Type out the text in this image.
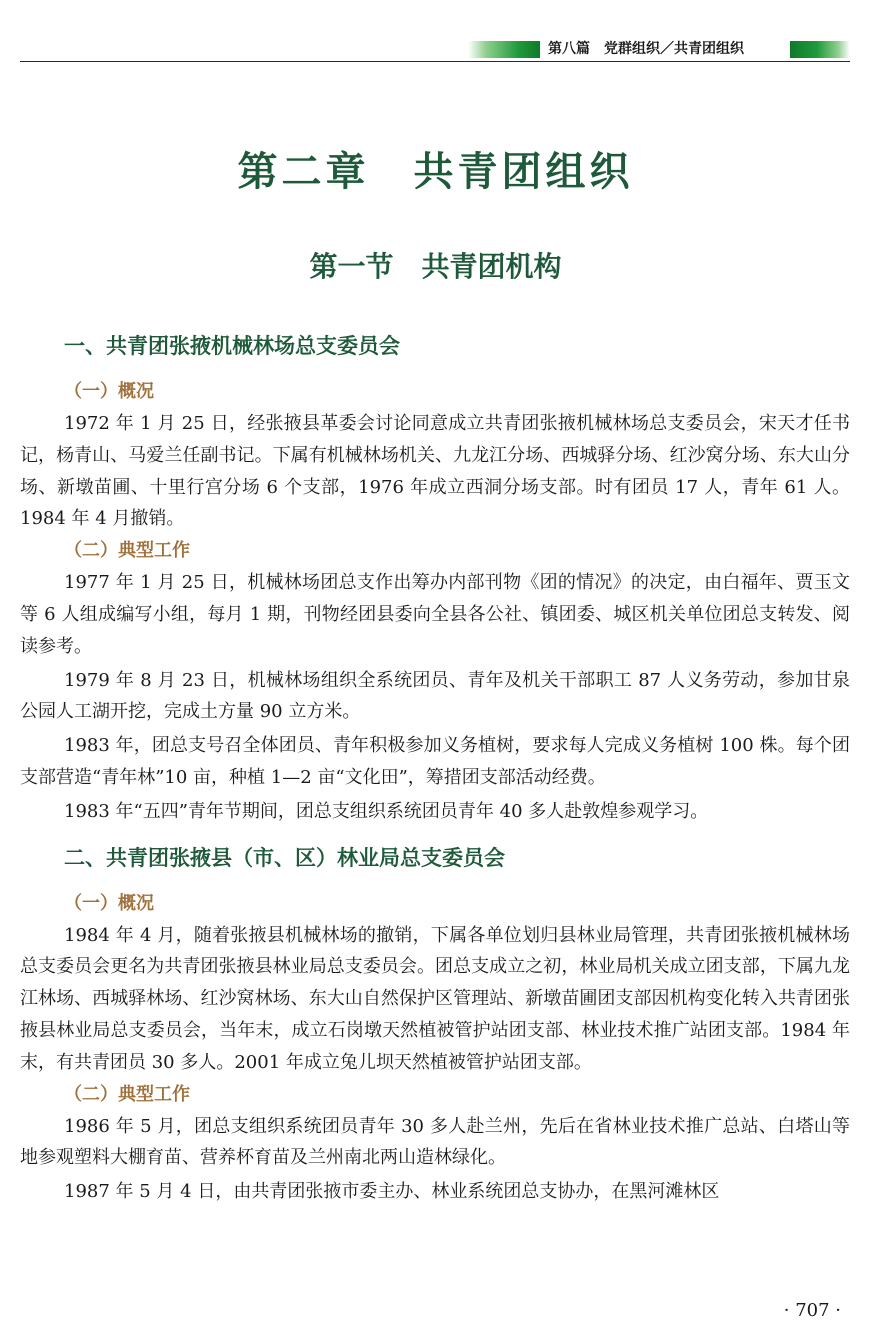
第八篇　党群组织／共青团组织
第二章　共青团组织
第一节　共青团机构
一、共青团张掖机械林场总支委员会
（一）概况

1972 年 1 月 25 日，经张掖县革委会讨论同意成立共青团张掖机械林场总支委员会，宋天才任书记，杨青山、马爱兰任副书记。下属有机械林场机关、九龙江分场、西城驿分场、红沙窝分场、东大山分场、新墩苗圃、十里行宫分场 6 个支部，1976 年成立西洞分场支部。时有团员 17 人，青年 61 人。1984 年 4 月撤销。

（二）典型工作

1977 年 1 月 25 日，机械林场团总支作出筹办内部刊物《团的情况》的决定，由白福年、贾玉文等 6 人组成编写小组，每月 1 期，刊物经团县委向全县各公社、镇团委、城区机关单位团总支转发、阅读参考。

1979 年 8 月 23 日，机械林场组织全系统团员、青年及机关干部职工 87 人义务劳动，参加甘泉公园人工湖开挖，完成土方量 90 立方米。

1983 年，团总支号召全体团员、青年积极参加义务植树，要求每人完成义务植树 100 株。每个团支部营造“青年林”10 亩，种植 1—2 亩“文化田”，筹措团支部活动经费。

1983 年“五四”青年节期间，团总支组织系统团员青年 40 多人赴敦煌参观学习。

二、共青团张掖县（市、区）林业局总支委员会
（一）概况

1984 年 4 月，随着张掖县机械林场的撤销，下属各单位划归县林业局管理，共青团张掖机械林场总支委员会更名为共青团张掖县林业局总支委员会。团总支成立之初，林业局机关成立团支部，下属九龙江林场、西城驿林场、红沙窝林场、东大山自然保护区管理站、新墩苗圃团支部因机构变化转入共青团张掖县林业局总支委员会，当年末，成立石岗墩天然植被管护站团支部、林业技术推广站团支部。1984 年末，有共青团员 30 多人。2001 年成立兔儿坝天然植被管护站团支部。

（二）典型工作

1986 年 5 月，团总支组织系统团员青年 30 多人赴兰州，先后在省林业技术推广总站、白塔山等地参观塑料大棚育苗、营养杯育苗及兰州南北两山造林绿化。

1987 年 5 月 4 日，由共青团张掖市委主办、林业系统团总支协办，在黑河滩林区

· 707 ·
